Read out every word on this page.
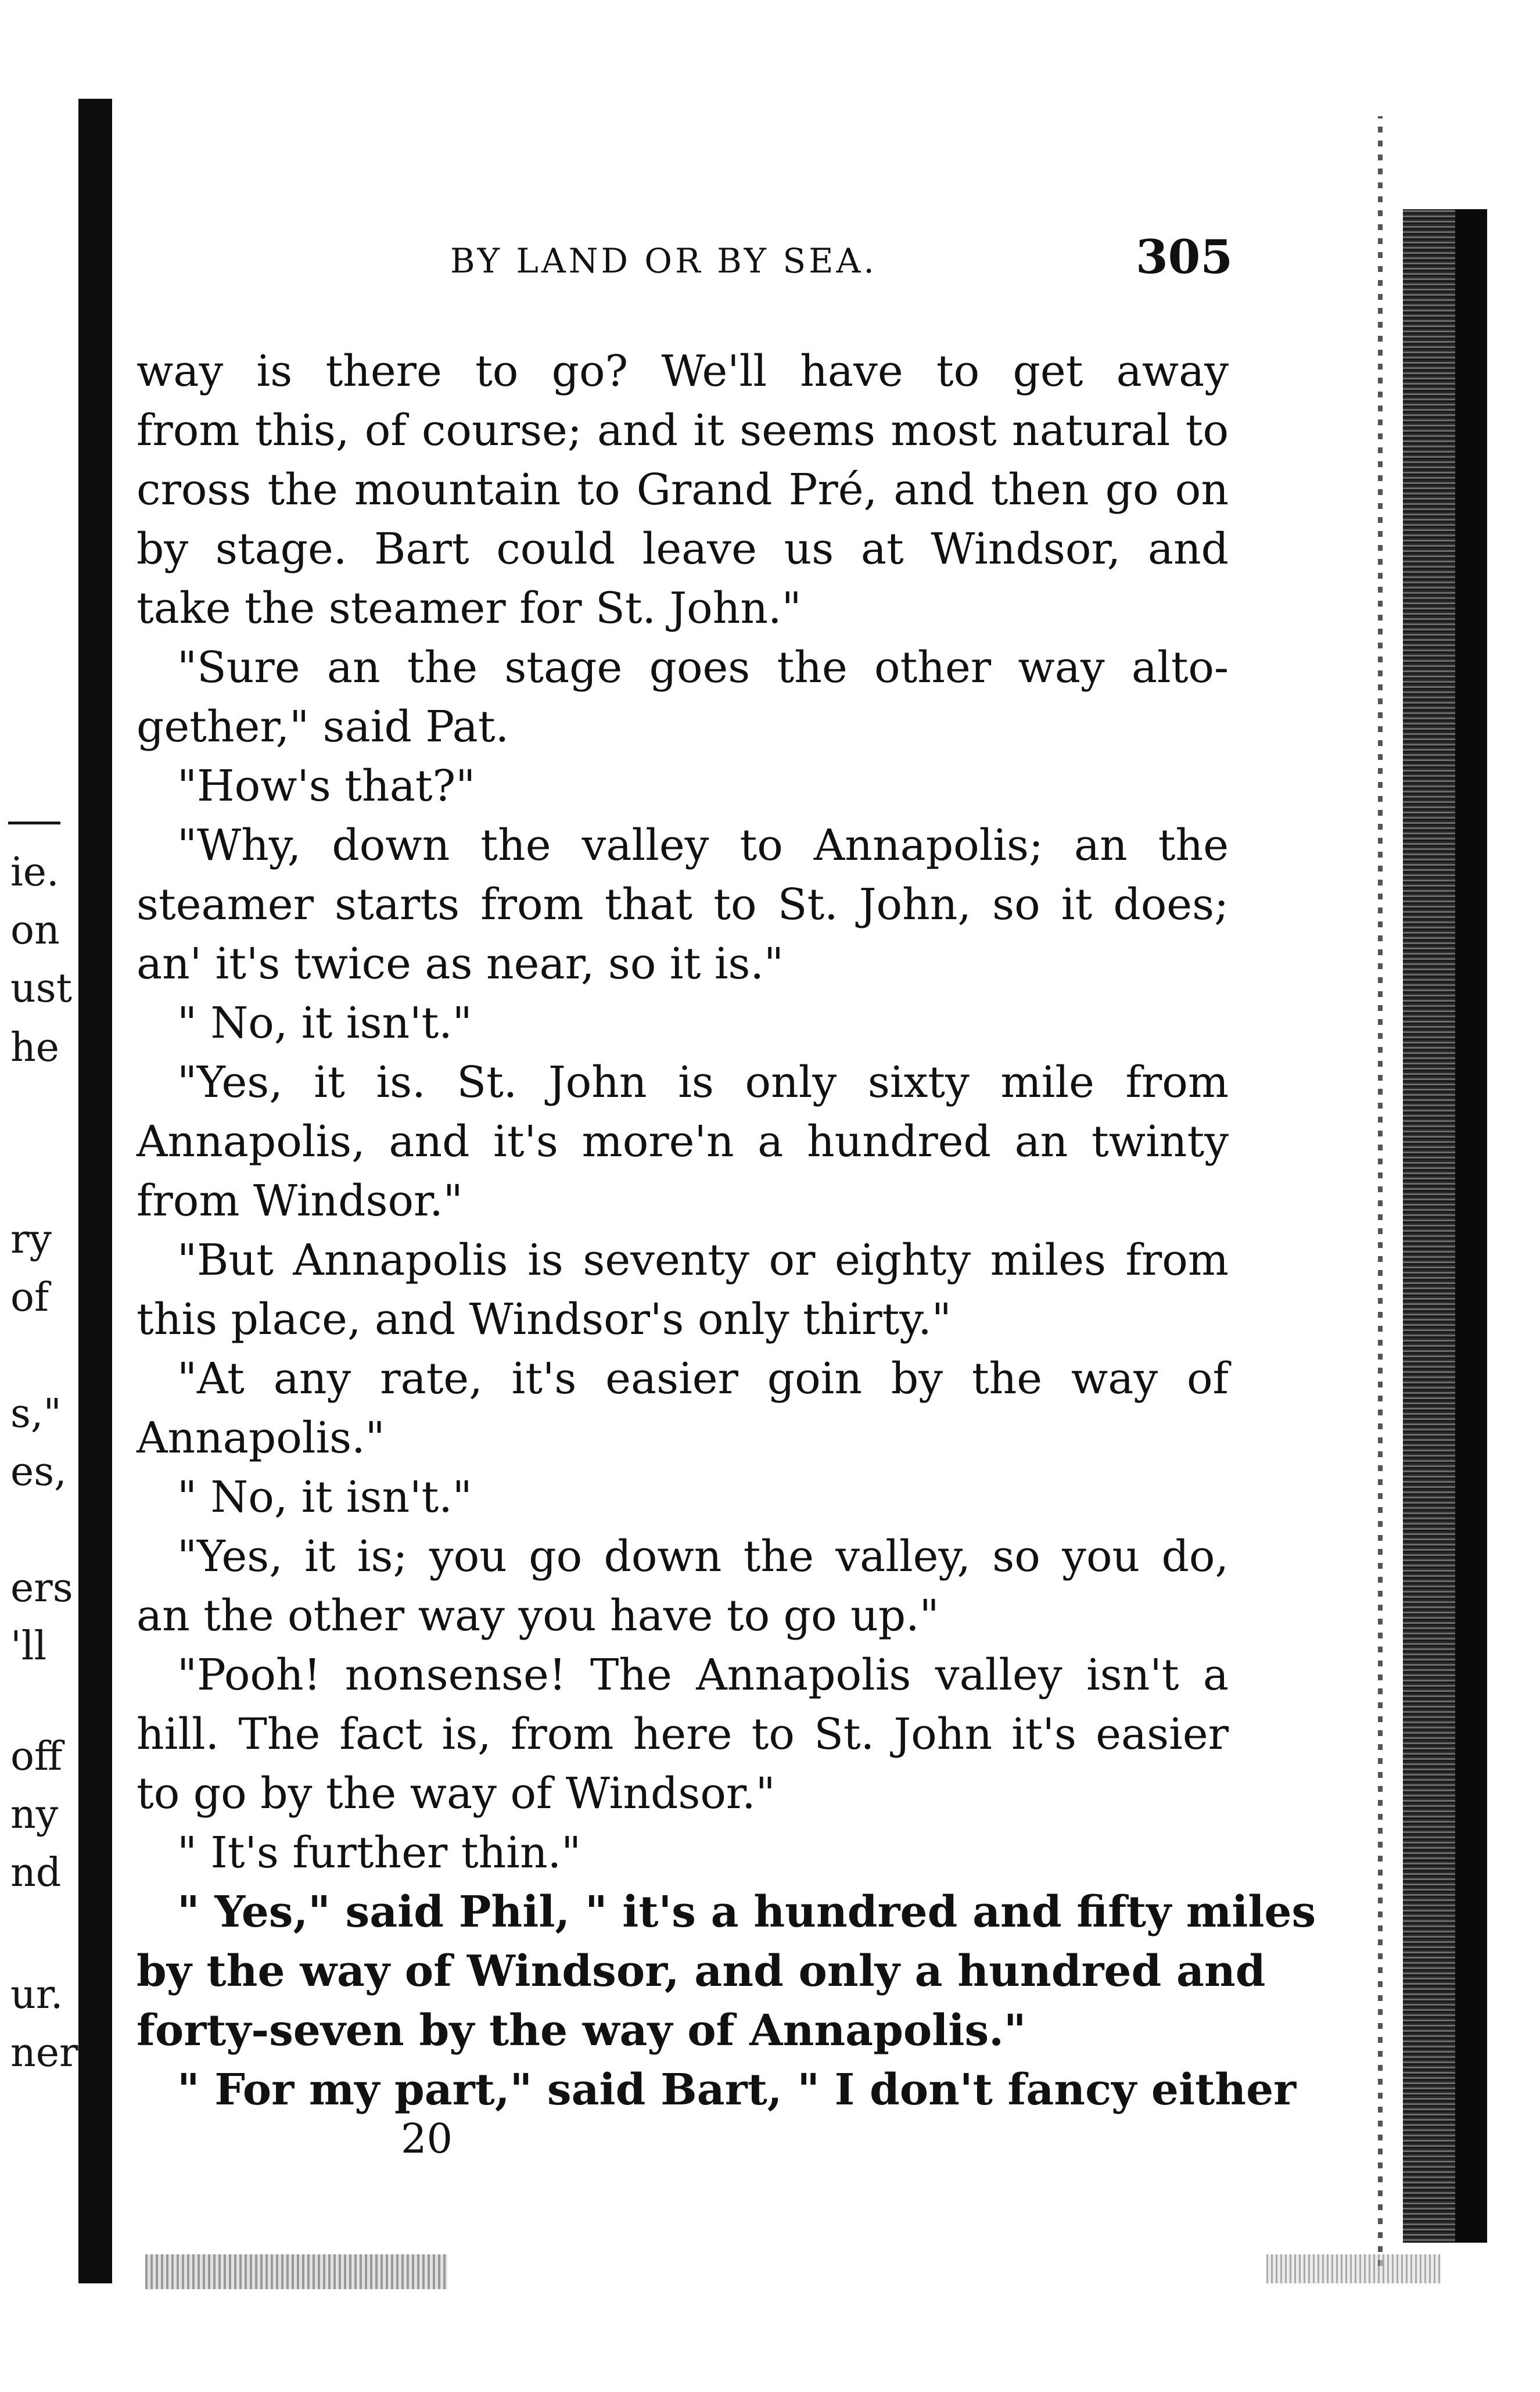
ie.
on
ust
he
ry
of
s,"
es,
ers
'll
off
ny
nd
ur.
ner
BY LAND OR BY SEA.	305
way is there to go? We'll have to get away
from this, of course; and it seems most natural to
cross the mountain to Grand Pré, and then go on
by stage. Bart could leave us at Windsor, and
take the steamer for St. John."
"Sure an the stage goes the other way alto-
gether," said Pat.
"How's that?"
"Why, down the valley to Annapolis; an the
steamer starts from that to St. John, so it does;
an' it's twice as near, so it is."
" No, it isn't."
"Yes, it is. St. John is only sixty mile from
Annapolis, and it's more'n a hundred an twinty
from Windsor."
"But Annapolis is seventy or eighty miles from
this place, and Windsor's only thirty."
"At any rate, it's easier goin by the way of
Annapolis."
" No, it isn't."
"Yes, it is; you go down the valley, so you do,
an the other way you have to go up."
"Pooh! nonsense! The Annapolis valley isn't a
hill. The fact is, from here to St. John it's easier
to go by the way of Windsor."
" It's further thin."
" Yes," said Phil, " it's a hundred and fifty miles
by the way of Windsor, and only a hundred and
forty-seven by the way of Annapolis."
" For my part," said Bart, " I don't fancy either
20
